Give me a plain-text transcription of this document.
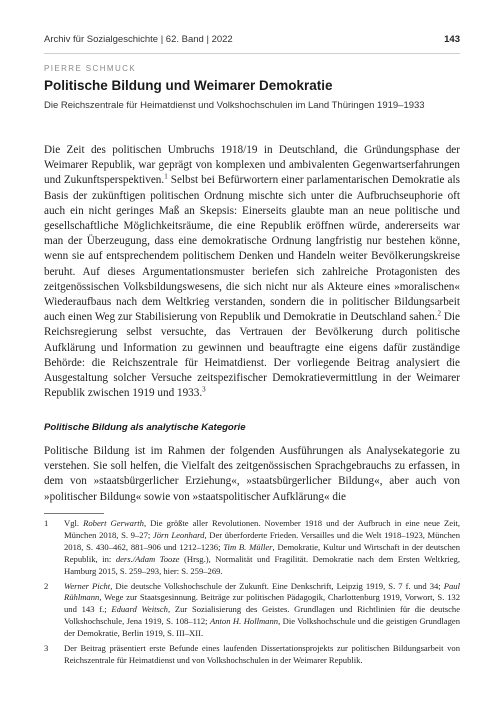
Archiv für Sozialgeschichte | 62. Band | 2022	143
PIERRE SCHMUCK
Politische Bildung und Weimarer Demokratie
Die Reichszentrale für Heimatdienst und Volkshochschulen im Land Thüringen 1919–1933
Die Zeit des politischen Umbruchs 1918/19 in Deutschland, die Gründungsphase der Weimarer Republik, war geprägt von komplexen und ambivalenten Gegenwartserfahrungen und Zukunftsperspektiven.$^1$ Selbst bei Befürwortern einer parlamentarischen Demokratie als Basis der zukünftigen politischen Ordnung mischte sich unter die Aufbruchseuphorie oft auch ein nicht geringes Maß an Skepsis: Einerseits glaubte man an neue politische und gesellschaftliche Möglichkeitsräume, die eine Republik eröffnen würde, andererseits war man der Überzeugung, dass eine demokratische Ordnung langfristig nur bestehen könne, wenn sie auf entsprechendem politischem Denken und Handeln weiter Bevölkerungskreise beruht. Auf dieses Argumentationsmuster beriefen sich zahlreiche Protagonisten des zeitgenössischen Volksbildungswesens, die sich nicht nur als Akteure eines »moralischen« Wiederaufbaus nach dem Weltkrieg verstanden, sondern die in politischer Bildungsarbeit auch einen Weg zur Stabilisierung von Republik und Demokratie in Deutschland sahen.$^2$ Die Reichsregierung selbst versuchte, das Vertrauen der Bevölkerung durch politische Aufklärung und Information zu gewinnen und beauftragte eine eigens dafür zuständige Behörde: die Reichszentrale für Heimatdienst. Der vorliegende Beitrag analysiert die Ausgestaltung solcher Versuche zeitspezifischer Demokratievermittlung in der Weimarer Republik zwischen 1919 und 1933.$^3$
Politische Bildung als analytische Kategorie
Politische Bildung ist im Rahmen der folgenden Ausführungen als Analysekategorie zu verstehen. Sie soll helfen, die Vielfalt des zeitgenössischen Sprachgebrauchs zu erfassen, in dem von »staatsbürgerlicher Erziehung«, »staatsbürgerlicher Bildung«, aber auch von »politischer Bildung« sowie von »staatspolitischer Aufklärung« die
1	Vgl. Robert Gerwarth, Die größte aller Revolutionen. November 1918 und der Aufbruch in eine neue Zeit, München 2018, S. 9–27; Jörn Leonhard, Der überforderte Frieden. Versailles und die Welt 1918–1923, München 2018, S. 430–462, 881–906 und 1212–1236; Tim B. Müller, Demokratie, Kultur und Wirtschaft in der deutschen Republik, in: ders./Adam Tooze (Hrsg.), Normalität und Fragilität. Demokratie nach dem Ersten Weltkrieg, Hamburg 2015, S. 259–293, hier: S. 259–269.
2	Werner Picht, Die deutsche Volkshochschule der Zukunft. Eine Denkschrift, Leipzig 1919, S. 7 f. und 34; Paul Rühlmann, Wege zur Staatsgesinnung. Beiträge zur politischen Pädagogik, Charlottenburg 1919, Vorwort, S. 132 und 143 f.; Eduard Weitsch, Zur Sozialisierung des Geistes. Grundlagen und Richtlinien für die deutsche Volkshochschule, Jena 1919, S. 108–112; Anton H. Hollmann, Die Volkshochschule und die geistigen Grundlagen der Demokratie, Berlin 1919, S. III–XII.
3	Der Beitrag präsentiert erste Befunde eines laufenden Dissertationsprojekts zur politischen Bildungsarbeit von Reichszentrale für Heimatdienst und von Volkshochschulen in der Weimarer Republik.
